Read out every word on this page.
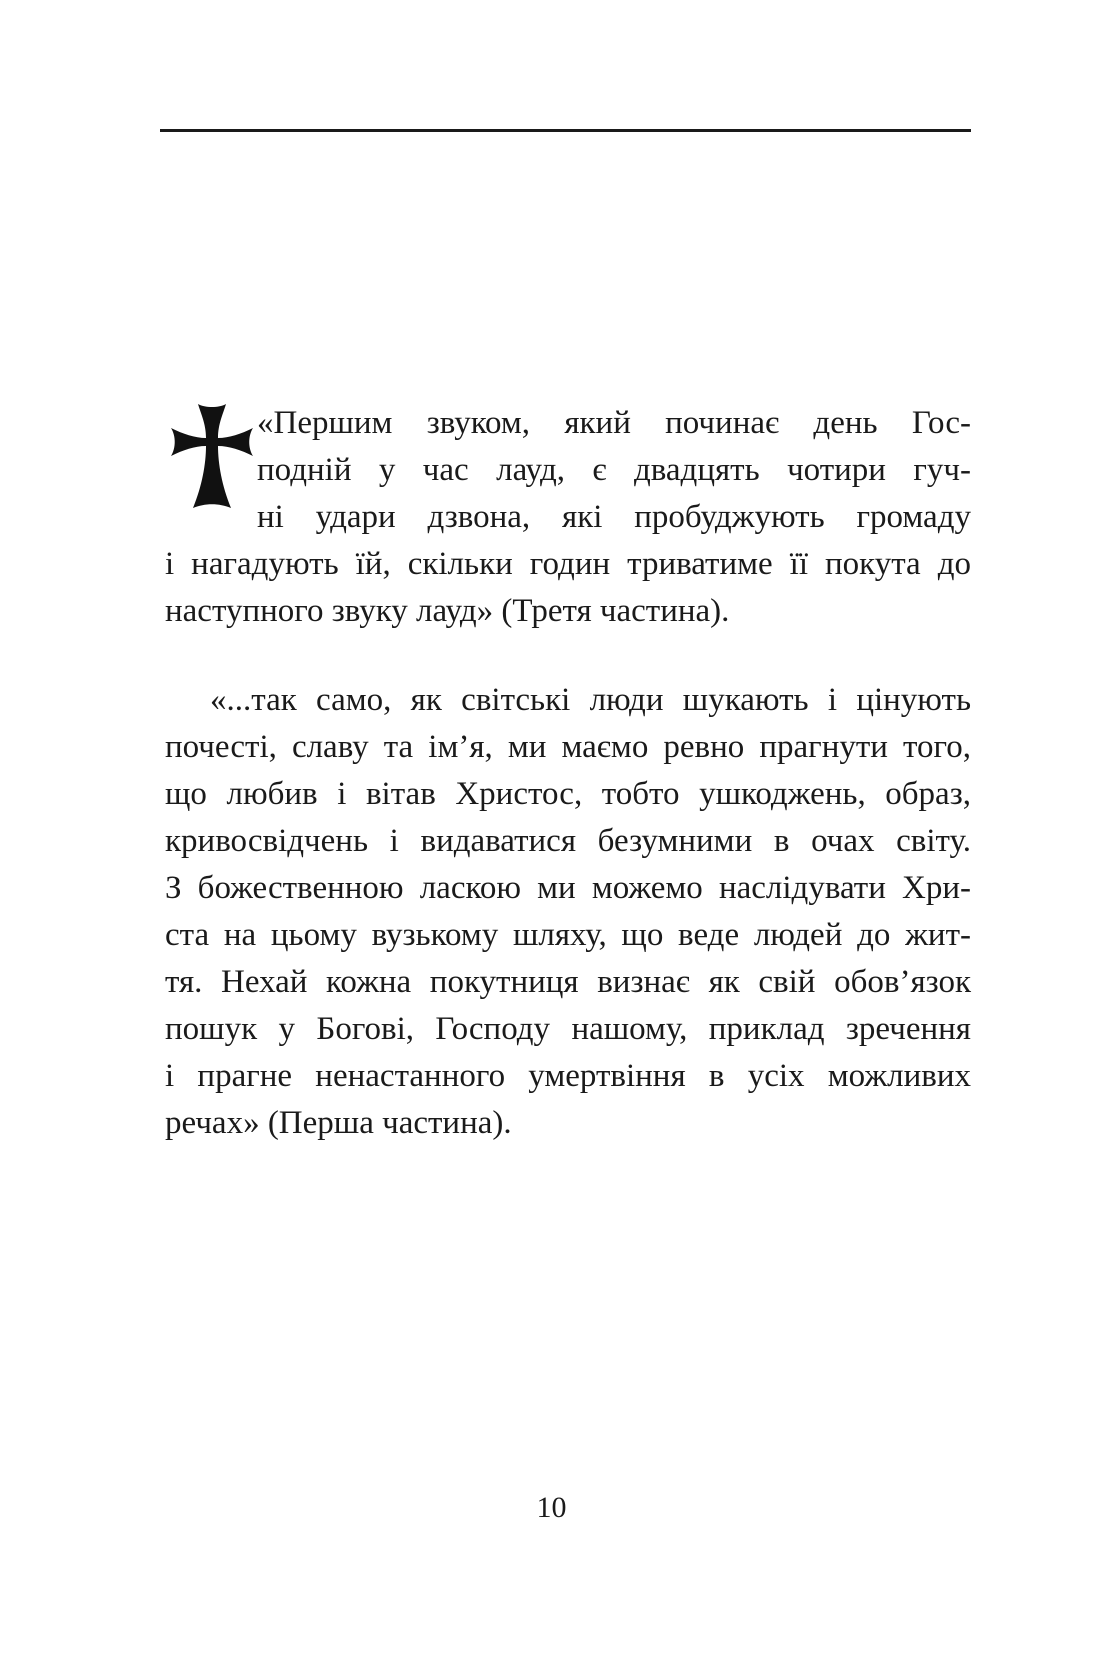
«Першим звуком, який починає день Гос-
подній у час лауд, є двадцять чотири гуч-
ні удари дзвона, які пробуджують громаду
і нагадують їй, скільки годин триватиме її покута до
наступного звуку лауд» (Третя частина).
«...так само, як світські люди шукають і цінують
почесті, славу та ім’я, ми маємо ревно прагнути того,
що любив і вітав Христос, тобто ушкоджень, образ,
кривосвідчень і видаватися безумними в очах світу.
З божественною ласкою ми можемо наслідувати Хри-
ста на цьому вузькому шляху, що веде людей до жит-
тя. Нехай кожна покутниця визнає як свій обов’язок
пошук у Богові, Господу нашому, приклад зречення
і прагне ненастанного умертвіння в усіх можливих
речах» (Перша частина).
10
